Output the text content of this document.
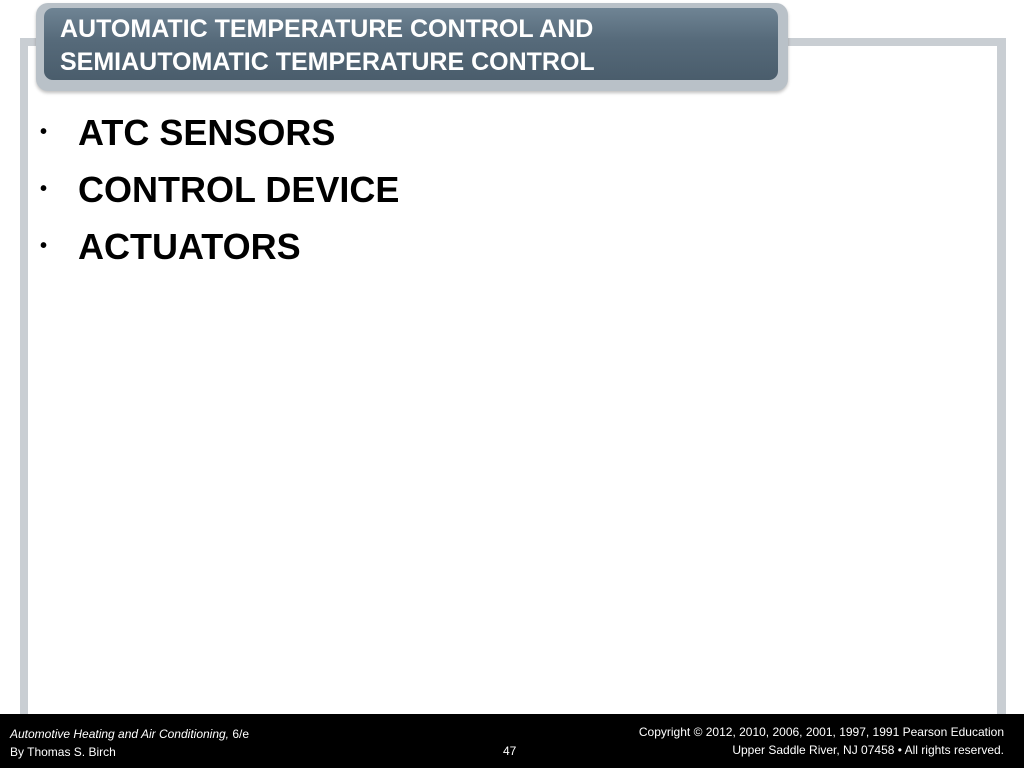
AUTOMATIC TEMPERATURE CONTROL AND
SEMIAUTOMATIC TEMPERATURE CONTROL
• ATC SENSORS
• CONTROL DEVICE
• ACTUATORS
Automotive Heating and Air Conditioning, 6/e
By Thomas S. Birch	47
Copyright © 2012, 2010, 2006, 2001, 1997, 1991 Pearson Education
Upper Saddle River, NJ 07458 • All rights reserved.
